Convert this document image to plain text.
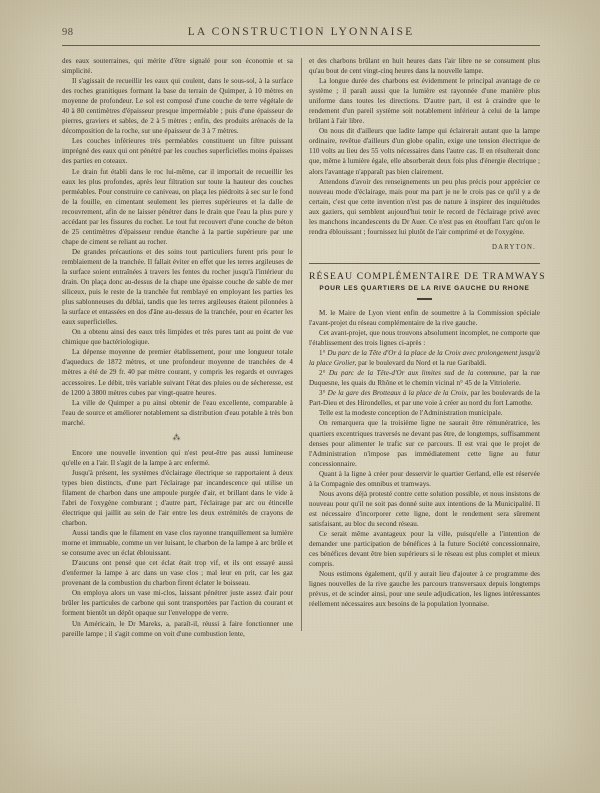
98	LA CONSTRUCTION LYONNAISE

des eaux souterraines, qui mérite d'être signalé pour son économie et sa simplicité.

Il s'agissait de recueillir les eaux qui coulent, dans le sous-sol, à la surface des roches granitiques formant la base du terrain de Quimper, à 10 mètres en moyenne de profondeur. Le sol est composé d'une couche de terre végétale de 40 à 80 centimètres d'épaisseur presque imperméable ; puis d'une épaisseur de pierres, graviers et sables, de 2 à 5 mètres ; enfin, des produits arénacés de la décomposition de la roche, sur une épaisseur de 3 à 7 mètres.

Les couches inférieures très perméables constituent un filtre puissant imprégné des eaux qui ont pénétré par les couches superficielles moins épaisses des parties en coteaux.

Le drain fut établi dans le roc lui-même, car il importait de recueillir les eaux les plus profondes, après leur filtration sur toute la hauteur des couches perméables. Pour construire ce caniveau, on plaça les piédroits à sec sur le fond de la fouille, en cimentant seulement les pierres supérieures et la dalle de recouvrement, afin de ne laisser pénétrer dans le drain que l'eau la plus pure y accédant par les fissures du rocher. Le tout fut recouvert d'une couche de béton de 25 centimètres d'épaisseur rendue étanche à la partie supérieure par une chape de ciment se reliant au rocher.

De grandes précautions et des soins tout particuliers furent pris pour le remblaiement de la tranchée. Il fallait éviter en effet que les terres argileuses de la surface soient entraînées à travers les fentes du rocher jusqu'à l'intérieur du drain. On plaça donc au-dessus de la chape une épaisse couche de sable de mer siliceux, puis le reste de la tranchée fut remblayé en employant les parties les plus sablonneuses du déblai, tandis que les terres argileuses étaient pilonnées à la surface et entassées en dos d'âne au-dessus de la tranchée, pour en écarter les eaux superficielles.

On a obtenu ainsi des eaux très limpides et très pures tant au point de vue chimique que bactériologique.

La dépense moyenne de premier établissement, pour une longueur totale d'aqueducs de 1872 mètres, et une profondeur moyenne de tranchées de 4 mètres a été de 29 fr. 40 par mètre courant, y compris les regards et ouvrages accessoires. Le débit, très variable suivant l'état des pluies ou de sécheresse, est de 1200 à 3800 mètres cubes par vingt-quatre heures.

La ville de Quimper a pu ainsi obtenir de l'eau excellente, comparable à l'eau de source et améliorer notablement sa distribution d'eau potable à très bon marché.

⁂

Encore une nouvelle invention qui n'est peut-être pas aussi lumineuse qu'elle en a l'air. Il s'agit de la lampe à arc enfermé.

Jusqu'à présent, les systèmes d'éclairage électrique se rapportaient à deux types bien distincts, d'une part l'éclairage par incandescence qui utilise un filament de charbon dans une ampoule purgée d'air, et brillant dans le vide à l'abri de l'oxygène comburant ; d'autre part, l'éclairage par arc ou étincelle électrique qui jaillit au sein de l'air entre les deux extrémités de crayons de charbon.

Aussi tandis que le filament en vase clos rayonne tranquillement sa lumière morne et immuable, comme un ver luisant, le charbon de la lampe à arc brûle et se consume avec un éclat éblouissant.

D'aucuns ont pensé que cet éclat était trop vif, et ils ont essayé aussi d'enfermer la lampe à arc dans un vase clos ; mal leur en prit, car les gaz provenant de la combustion du charbon firent éclater le boisseau.

On employa alors un vase mi-clos, laissant pénétrer juste assez d'air pour brûler les particules de carbone qui sont transportées par l'action du courant et forment bientôt un dépôt opaque sur l'enveloppe de verre.

Un Américain, le Dr Mareks, a, paraît-il, réussi à faire fonctionner une pareille lampe ; il s'agit comme on voit d'une combustion lente,

et des charbons brûlant en huit heures dans l'air libre ne se consument plus qu'au bout de cent vingt-cinq heures dans la nouvelle lampe.

La longue durée des charbons est évidemment le principal avantage de ce système ; il paraît aussi que la lumière est rayonnée d'une manière plus uniforme dans toutes les directions. D'autre part, il est à craindre que le rendement d'un pareil système soit notablement inférieur à celui de la lampe brûlant à l'air libre.

On nous dit d'ailleurs que ladite lampe qui éclairerait autant que la lampe ordinaire, revêtue d'ailleurs d'un globe opalin, exige une tension électrique de 110 volts au lieu des 55 volts nécessaires dans l'autre cas. Il en résulterait donc que, même à lumière égale, elle absorberait deux fois plus d'énergie électrique ; alors l'avantage n'apparaît pas bien clairement.

Attendons d'avoir des renseignements un peu plus précis pour apprécier ce nouveau mode d'éclairage, mais pour ma part je ne le crois pas ce qu'il y a de certain, c'est que cette invention n'est pas de nature à inspirer des inquiétudes aux gaziers, qui semblent aujourd'hui tenir le record de l'éclairage privé avec les manchons incandescents du Dr Auer. Ce n'est pas en étouffant l'arc qu'on le rendra éblouissant ; fournissez lui plutôt de l'air comprimé et de l'oxygène.

DARYTON.
RÉSEAU COMPLÉMENTAIRE DE TRAMWAYS
POUR LES QUARTIERS DE LA RIVE GAUCHE DU RHONE

M. le Maire de Lyon vient enfin de soumettre à la Commission spéciale l'avant-projet du réseau complémentaire de la rive gauche.

Cet avant-projet, que nous trouvons absolument incomplet, ne comporte que l'établissement des trois lignes ci-après :

1° Du parc de la Tête d'Or à la place de la Croix avec prolongement jusqu'à la place Grolier, par le boulevard du Nord et la rue Garibaldi.

2° Du parc de la Tête-d'Or aux limites sud de la commune, par la rue Duquesne, les quais du Rhône et le chemin vicinal n° 45 de la Vitriolerie.

3° De la gare des Brotteaux à la place de la Croix, par les boulevards de la Part-Dieu et des Hirondelles, et par une voie à créer au nord du fort Lamothe.

Telle est la modeste conception de l'Administration municipale.

On remarquera que la troisième ligne ne saurait être rémunératrice, les quartiers excentriques traversés ne devant pas être, de longtemps, suffisamment denses pour alimenter le trafic sur ce parcours. Il est vrai que le projet de l'Administration n'impose pas immédiatement cette ligne au futur concessionnaire.

Quant à la ligne à créer pour desservir le quartier Gerland, elle est réservée à la Compagnie des omnibus et tramways.

Nous avons déjà protesté contre cette solution possible, et nous insistons de nouveau pour qu'il ne soit pas donné suite aux intentions de la Municipalité. Il est nécessaire d'incorporer cette ligne, dont le rendement sera sûrement satisfaisant, au bloc du second réseau.

Ce serait même avantageux pour la ville, puisqu'elle a l'intention de demander une participation de bénéfices à la future Société concessionnaire, ces bénéfices devant être bien supérieurs si le réseau est plus complet et mieux compris.

Nous estimons également, qu'il y aurait lieu d'ajouter à ce programme des lignes nouvelles de la rive gauche les parcours transversaux depuis longtemps prévus, et de scinder ainsi, pour une seule adjudication, les lignes intéressantes réellement nécessaires aux besoins de la population lyonnaise.
